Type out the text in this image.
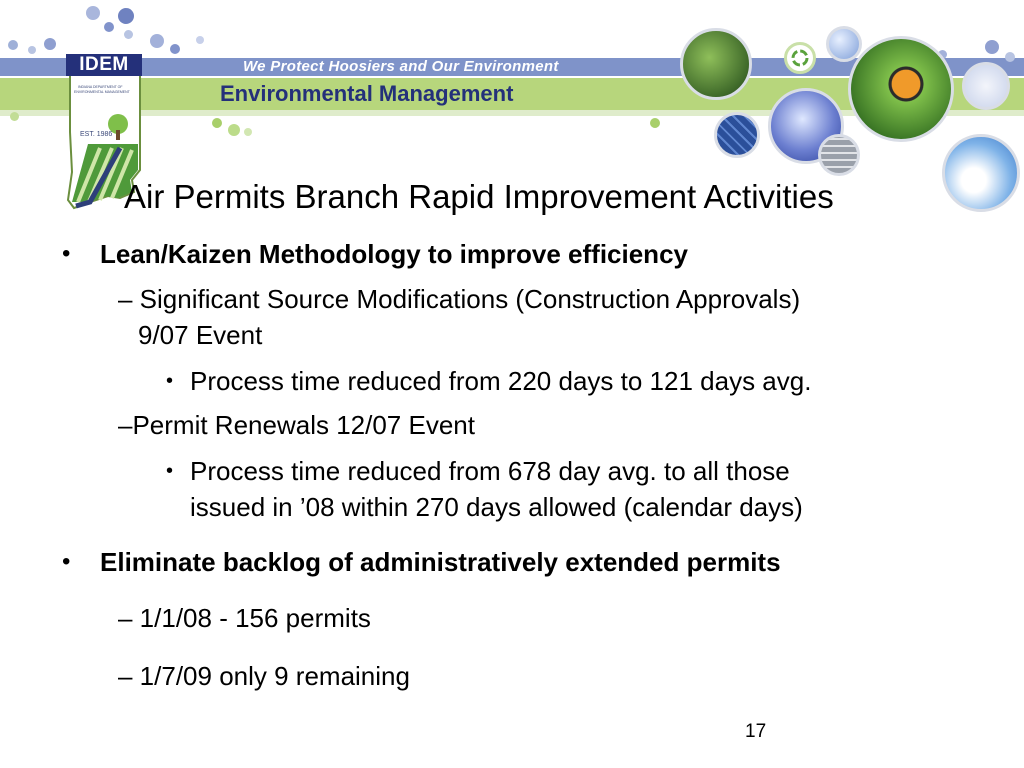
We Protect Hoosiers and Our Environment
Environmental Management
EST. 1986
INDIANA DEPARTMENT OF
ENVIRONMENTAL MANAGEMENT
IDEM
Air Permits Branch Rapid Improvement Activities
• Lean/Kaizen Methodology to improve efficiency
– Significant Source Modifications (Construction Approvals)
9/07 Event
• Process time reduced from 220 days to 121 days avg.
–Permit Renewals 12/07 Event
• Process time reduced from 678 day avg. to all those
issued in ’08 within 270 days allowed (calendar days)
• Eliminate backlog of administratively extended permits
– 1/1/08 - 156 permits
– 1/7/09 only 9 remaining
17
